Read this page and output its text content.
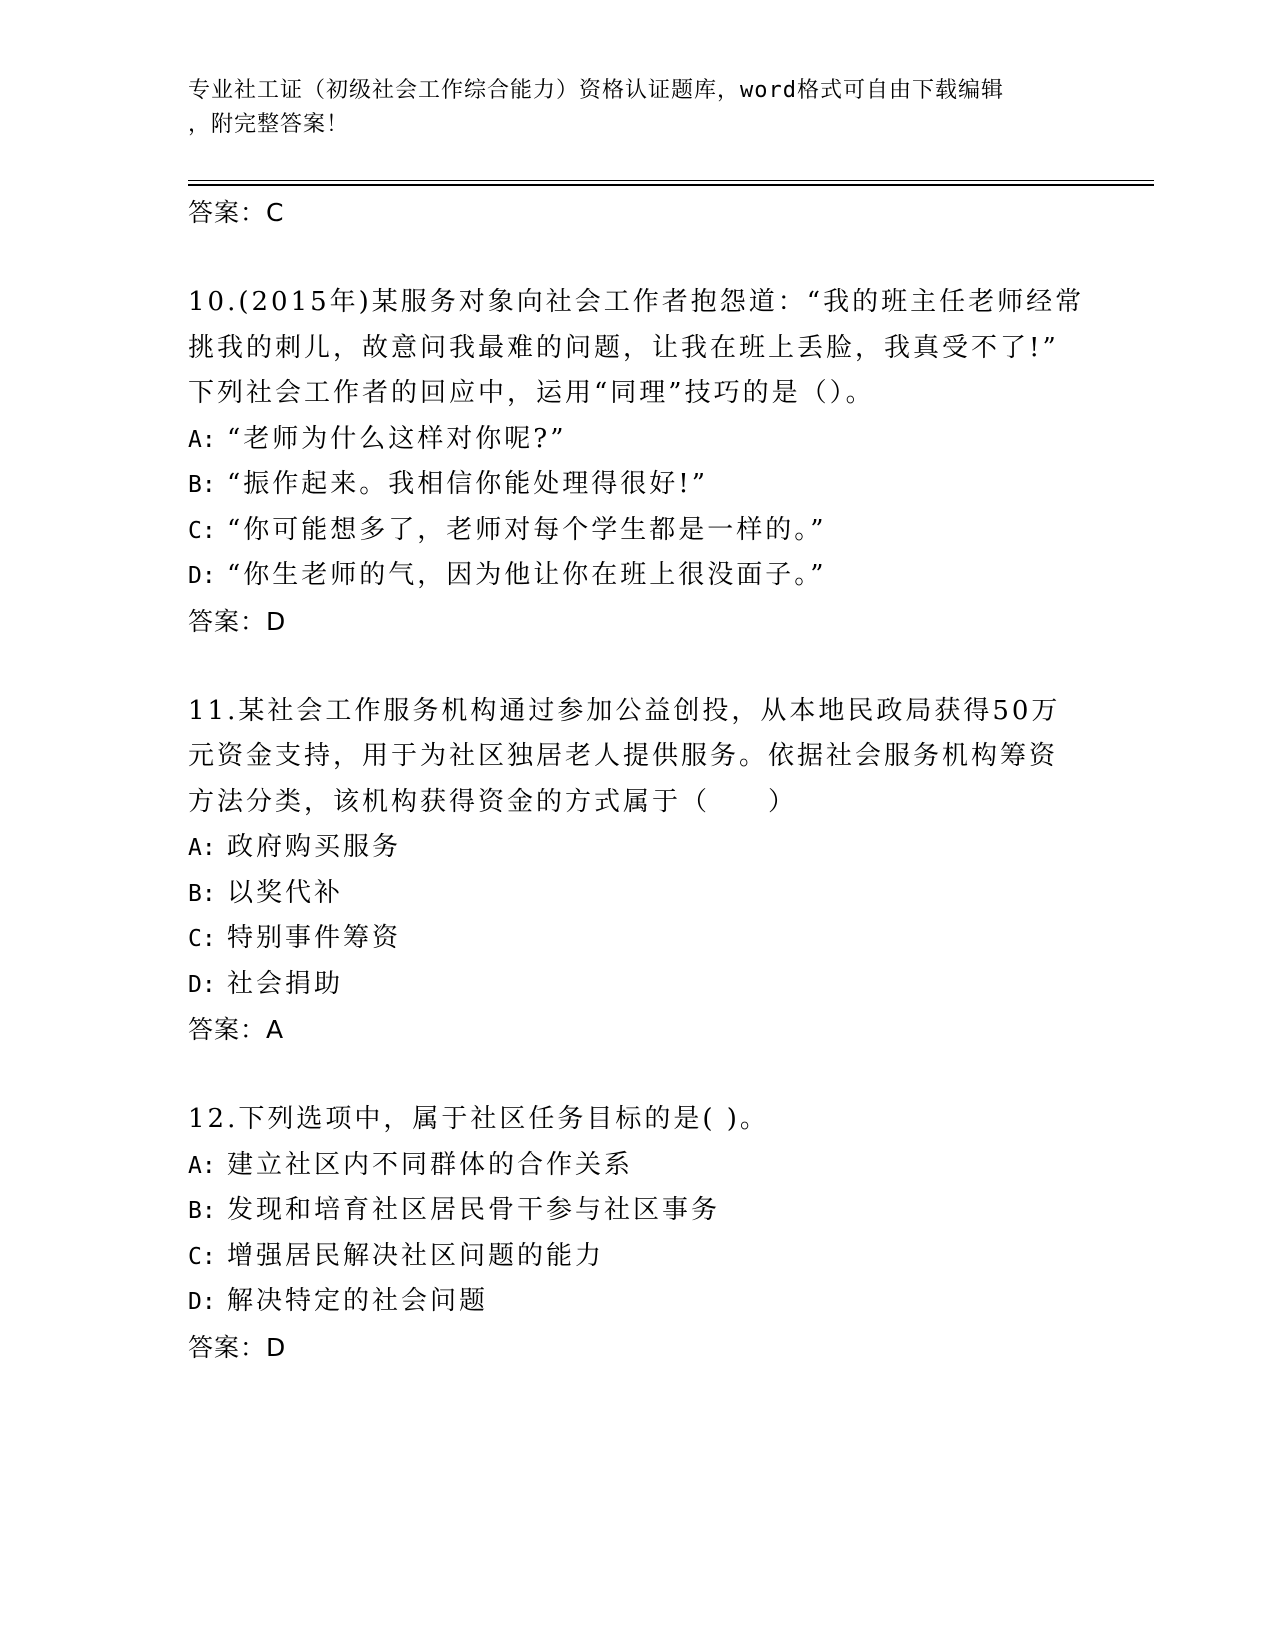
专业社工证（初级社会工作综合能力）资格认证题库，word格式可自由下载编辑
，附完整答案！
答案：C
10.(2015年)某服务对象向社会工作者抱怨道：“我的班主任老师经常
挑我的刺儿，故意问我最难的问题，让我在班上丢脸，我真受不了!”
下列社会工作者的回应中，运用“同理”技巧的是（）。
A: “老师为什么这样对你呢?”
B: “振作起来。我相信你能处理得很好!”
C: “你可能想多了，老师对每个学生都是一样的。”
D: “你生老师的气，因为他让你在班上很没面子。”
答案：D
11.某社会工作服务机构通过参加公益创投，从本地民政局获得50万
元资金支持，用于为社区独居老人提供服务。依据社会服务机构筹资
方法分类，该机构获得资金的方式属于（　　）
A: 政府购买服务
B: 以奖代补
C: 特别事件筹资
D: 社会捐助
答案：A
12.下列选项中，属于社区任务目标的是( )。
A: 建立社区内不同群体的合作关系
B: 发现和培育社区居民骨干参与社区事务
C: 增强居民解决社区问题的能力
D: 解决特定的社会问题
答案：D
